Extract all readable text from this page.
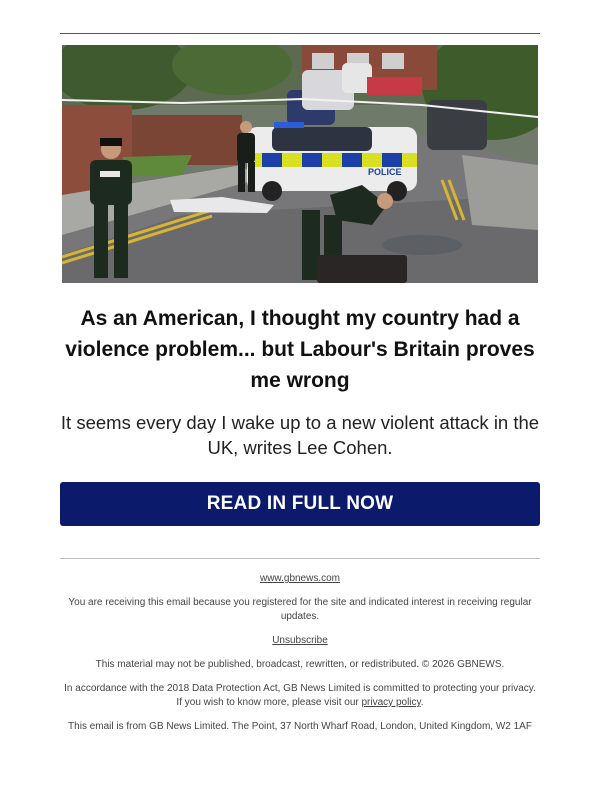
POLICE
As an American, I thought my country had a violence problem... but Labour's Britain proves me wrong

It seems every day I wake up to a new violent attack in the UK, writes Lee Cohen.

READ IN FULL NOW

www.gbnews.com

You are receiving this email because you registered for the site and indicated interest in receiving regular updates.

Unsubscribe

This material may not be published, broadcast, rewritten, or redistributed. © 2026 GBNEWS.

In accordance with the 2018 Data Protection Act, GB News Limited is committed to protecting your privacy. If you wish to know more, please visit our privacy policy.

This email is from GB News Limited. The Point, 37 North Wharf Road, London, United Kingdom, W2 1AF
